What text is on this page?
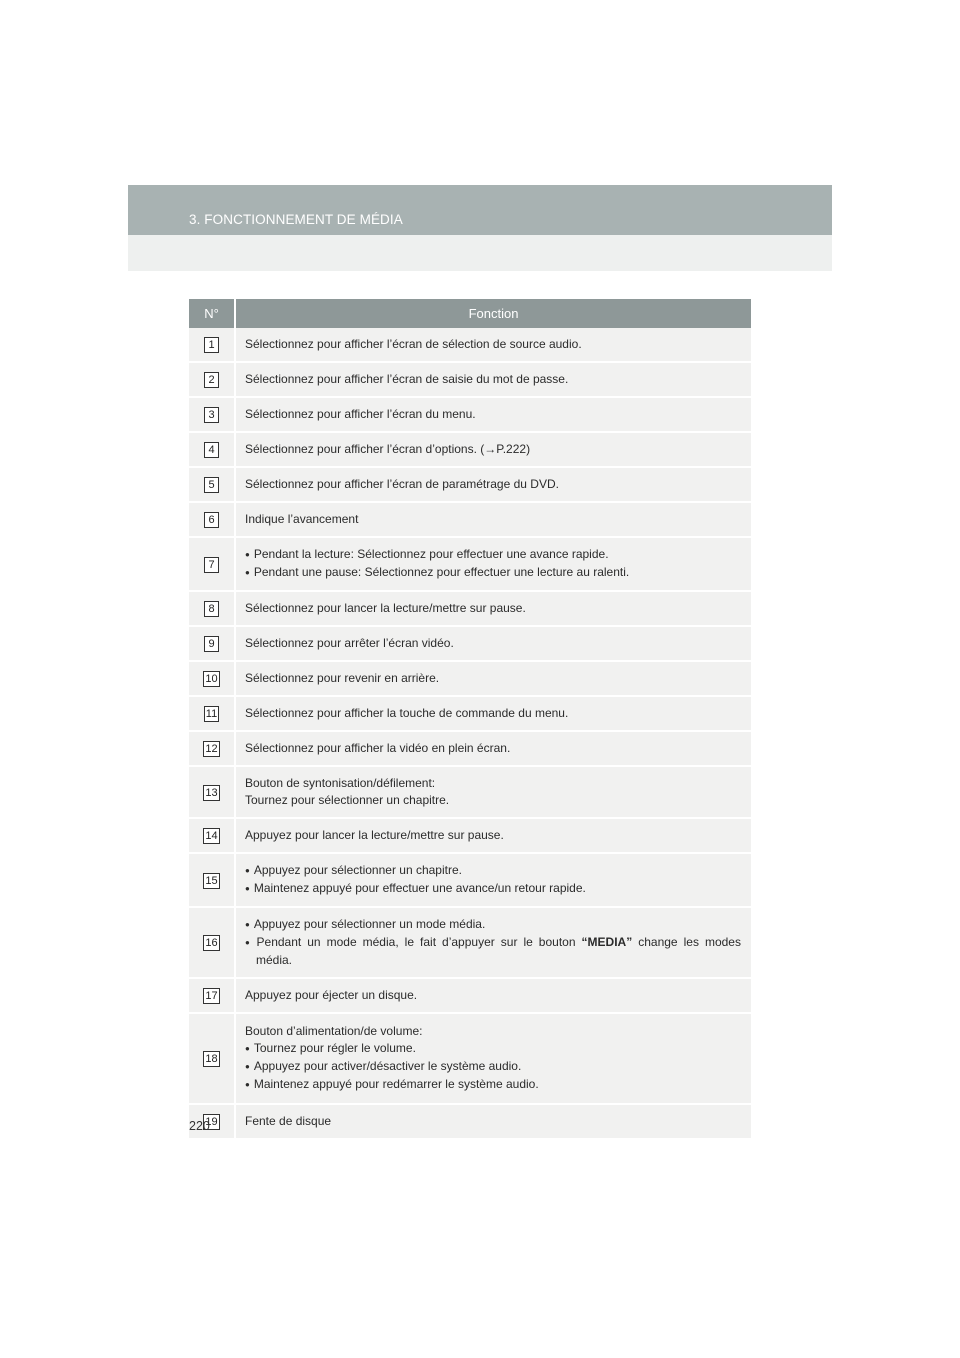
3. FONCTIONNEMENT DE MÉDIA
N°	Fonction
1	Sélectionnez pour afficher l’écran de sélection de source audio.
2	Sélectionnez pour afficher l’écran de saisie du mot de passe.
3	Sélectionnez pour afficher l’écran du menu.
4	Sélectionnez pour afficher l’écran d’options. (→P.222)
5	Sélectionnez pour afficher l’écran de paramétrage du DVD.
6	Indique l’avancement
7	● Pendant la lecture: Sélectionnez pour effectuer une avance rapide.
● Pendant une pause: Sélectionnez pour effectuer une lecture au ralenti.

8	Sélectionnez pour lancer la lecture/mettre sur pause.
9	Sélectionnez pour arrêter l’écran vidéo.
10	Sélectionnez pour revenir en arrière.
11	Sélectionnez pour afficher la touche de commande du menu.
12	Sélectionnez pour afficher la vidéo en plein écran.
13	Bouton de syntonisation/défilement:
Tournez pour sélectionner un chapitre.

14	Appuyez pour lancer la lecture/mettre sur pause.
15	● Appuyez pour sélectionner un chapitre.
● Maintenez appuyé pour effectuer une avance/un retour rapide.

16	● Appuyez pour sélectionner un mode média.
● Pendant un mode média, le fait d’appuyer sur le bouton “MEDIA” change les modes média.

17	Appuyez pour éjecter un disque.
18	Bouton d’alimentation/de volume:
● Tournez pour régler le volume.
● Appuyez pour activer/désactiver le système audio.
● Maintenez appuyé pour redémarrer le système audio.

19	Fente de disque
220
